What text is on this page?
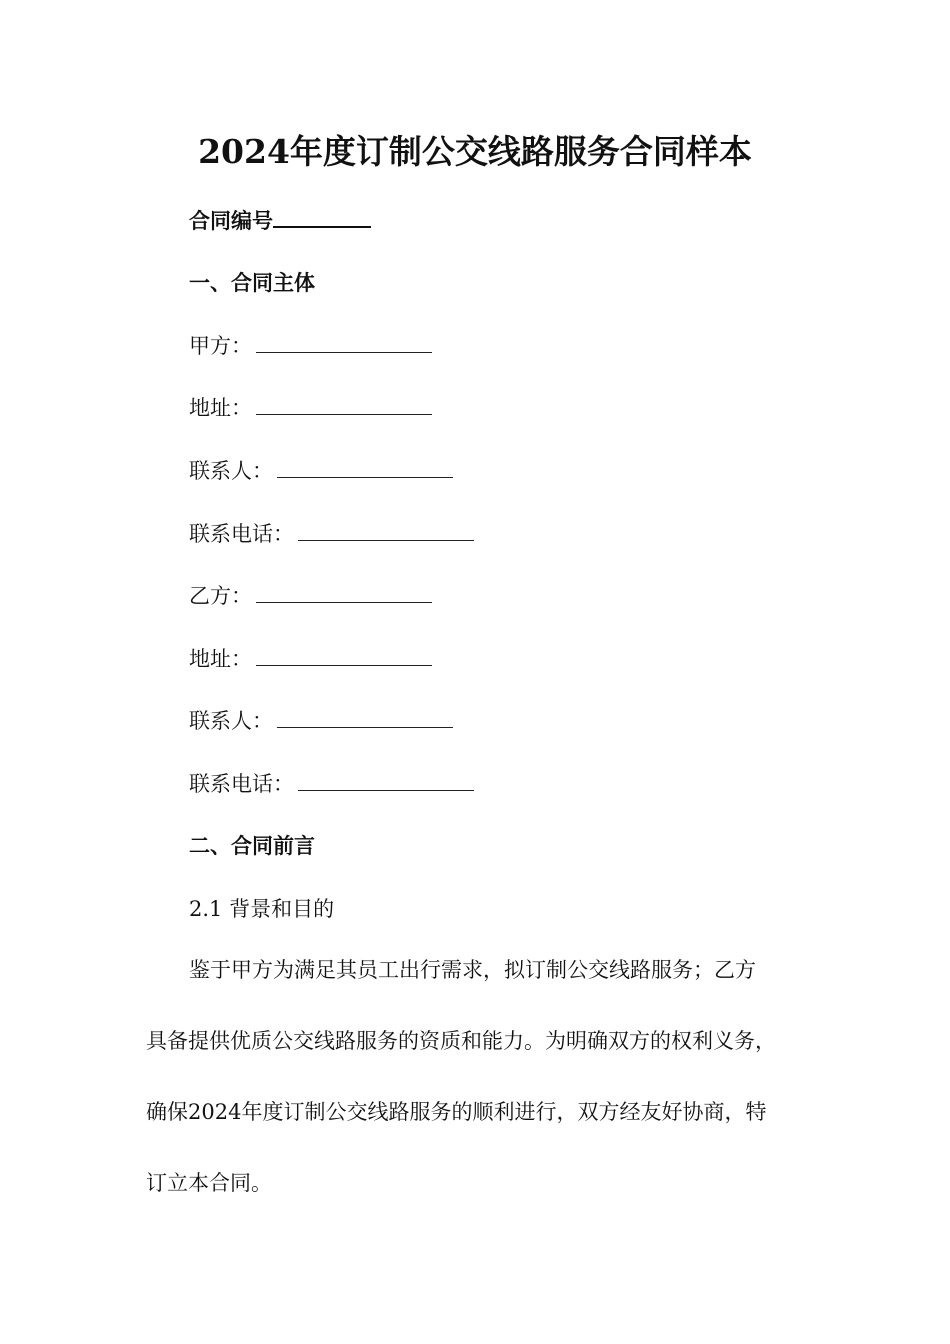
2024年度订制公交线路服务合同样本
合同编号
一、合同主体
甲方：
地址：
联系人：
联系电话：
乙方：
地址：
联系人：
联系电话：
二、合同前言
2.1 背景和目的
鉴于甲方为满足其员工出行需求，拟订制公交线路服务；乙方
具备提供优质公交线路服务的资质和能力。为明确双方的权利义务，
确保2024年度订制公交线路服务的顺利进行，双方经友好协商，特
订立本合同。
